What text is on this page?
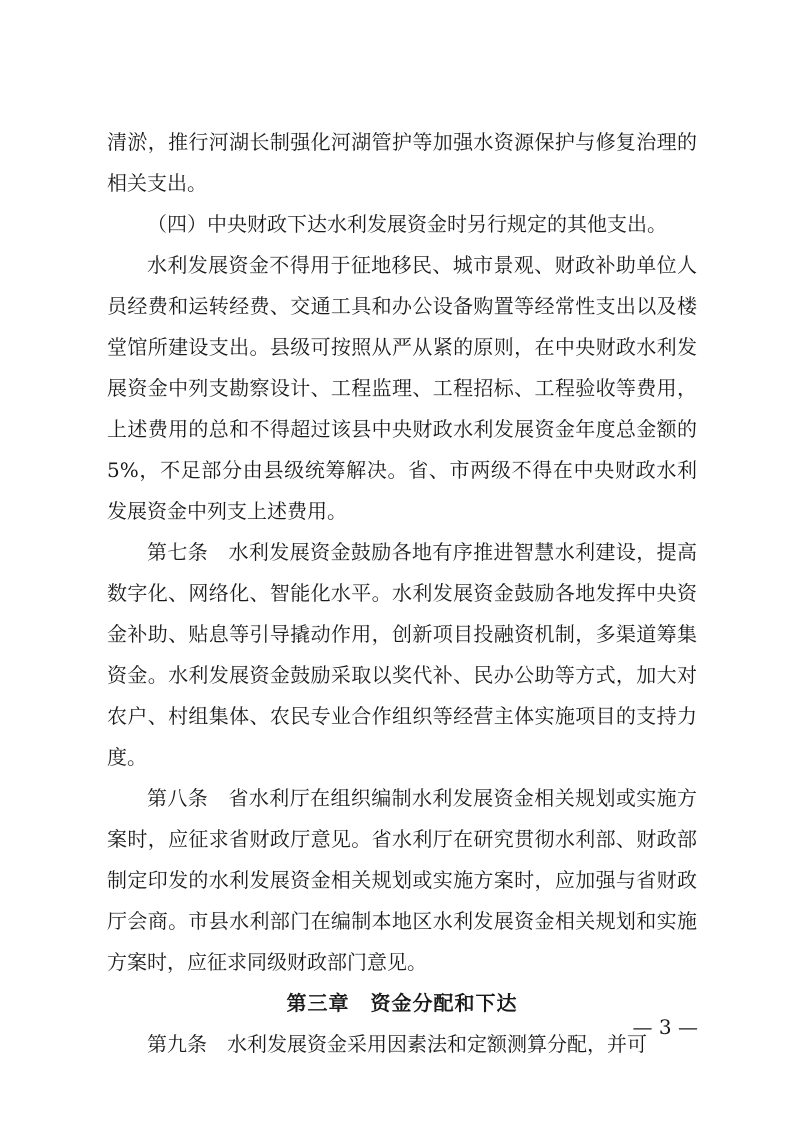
清淤，推行河湖长制强化河湖管护等加强水资源保护与修复治理的相关支出。

（四）中央财政下达水利发展资金时另行规定的其他支出。

水利发展资金不得用于征地移民、城市景观、财政补助单位人员经费和运转经费、交通工具和办公设备购置等经常性支出以及楼堂馆所建设支出。县级可按照从严从紧的原则，在中央财政水利发展资金中列支勘察设计、工程监理、工程招标、工程验收等费用，上述费用的总和不得超过该县中央财政水利发展资金年度总金额的5%，不足部分由县级统筹解决。省、市两级不得在中央财政水利发展资金中列支上述费用。

第七条　水利发展资金鼓励各地有序推进智慧水利建设，提高数字化、网络化、智能化水平。水利发展资金鼓励各地发挥中央资金补助、贴息等引导撬动作用，创新项目投融资机制，多渠道筹集资金。水利发展资金鼓励采取以奖代补、民办公助等方式，加大对农户、村组集体、农民专业合作组织等经营主体实施项目的支持力度。

第八条　省水利厅在组织编制水利发展资金相关规划或实施方案时，应征求省财政厅意见。省水利厅在研究贯彻水利部、财政部制定印发的水利发展资金相关规划或实施方案时，应加强与省财政厅会商。市县水利部门在编制本地区水利发展资金相关规划和实施方案时，应征求同级财政部门意见。

第三章　资金分配和下达

第九条　水利发展资金采用因素法和定额测算分配，并可

— 3 —
